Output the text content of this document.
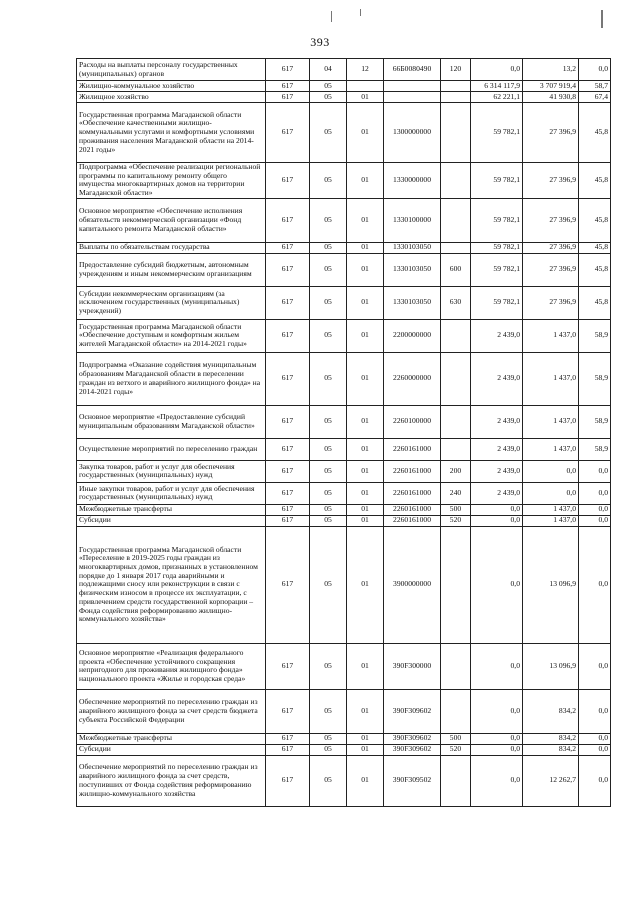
393
Расходы на выплаты персоналу государственных (муниципальных) органов	617	04	12	66Б0080490	120	0,0	13,2	0,0
Жилищно-коммунальное хозяйство	617	05				6 314 117,9	3 707 919,4	58,7
Жилищное хозяйство	617	05	01			62 221,1	41 930,8	67,4
Государственная программа Магаданской области «Обеспечение качественными жилищно-коммунальными услугами и комфортными условиями проживания населения Магаданской области на 2014-2021 годы»	617	05	01	1300000000		59 782,1	27 396,9	45,8
Подпрограмма «Обеспечение реализации региональной программы по капитальному ремонту общего имущества многоквартирных домов на территории Магаданской области»	617	05	01	1330000000		59 782,1	27 396,9	45,8
Основное мероприятие «Обеспечение исполнения обязательств некоммерческой организации «Фонд капитального ремонта Магаданской области»	617	05	01	1330100000		59 782,1	27 396,9	45,8
Выплаты по обязательствам государства	617	05	01	1330103050		59 782,1	27 396,9	45,8
Предоставление субсидий бюджетным, автономным учреждениям и иным некоммерческим организациям	617	05	01	1330103050	600	59 782,1	27 396,9	45,8
Субсидии некоммерческим организациям (за исключением государственных (муниципальных) учреждений)	617	05	01	1330103050	630	59 782,1	27 396,9	45,8
Государственная программа Магаданской области «Обеспечение доступным и комфортным жильем жителей Магаданской области» на 2014-2021 годы»	617	05	01	2200000000		2 439,0	1 437,0	58,9
Подпрограмма «Оказание содействия муниципальным образованиям Магаданской области в переселении граждан из ветхого и аварийного жилищного фонда» на 2014-2021 годы»	617	05	01	2260000000		2 439,0	1 437,0	58,9
Основное мероприятие «Предоставление субсидий муниципальным образованиям Магаданской области»	617	05	01	2260100000		2 439,0	1 437,0	58,9
Осуществление мероприятий по переселению граждан	617	05	01	2260161000		2 439,0	1 437,0	58,9
Закупка товаров, работ и услуг для обеспечения государственных (муниципальных) нужд	617	05	01	2260161000	200	2 439,0	0,0	0,0
Иные закупки товаров, работ и услуг для обеспечения государственных (муниципальных) нужд	617	05	01	2260161000	240	2 439,0	0,0	0,0
Межбюджетные трансферты	617	05	01	2260161000	500	0,0	1 437,0	0,0
Субсидии	617	05	01	2260161000	520	0,0	1 437,0	0,0
Государственная программа Магаданской области «Переселение в 2019-2025 годы граждан из многоквартирных домов, признанных в установленном порядке до 1 января 2017 года аварийными и подлежащими сносу или реконструкции в связи с физическим износом в процессе их эксплуатации, с привлечением средств государственной корпорации – Фонда содействия реформированию жилищно-коммунального хозяйства»	617	05	01	3900000000		0,0	13 096,9	0,0
Основное мероприятие «Реализация федерального проекта «Обеспечение устойчивого сокращения непригодного для проживания жилищного фонда» национального проекта «Жилье и городская среда»	617	05	01	390F300000		0,0	13 096,9	0,0
Обеспечение мероприятий по переселению граждан из аварийного жилищного фонда за счет средств бюджета субъекта Российской Федерации	617	05	01	390F309602		0,0	834,2	0,0
Межбюджетные трансферты	617	05	01	390F309602	500	0,0	834,2	0,0
Субсидии	617	05	01	390F309602	520	0,0	834,2	0,0
Обеспечение мероприятий по переселению граждан из аварийного жилищного фонда за счет средств, поступивших от Фонда содействия реформированию жилищно-коммунального хозяйства	617	05	01	390F309502		0,0	12 262,7	0,0
